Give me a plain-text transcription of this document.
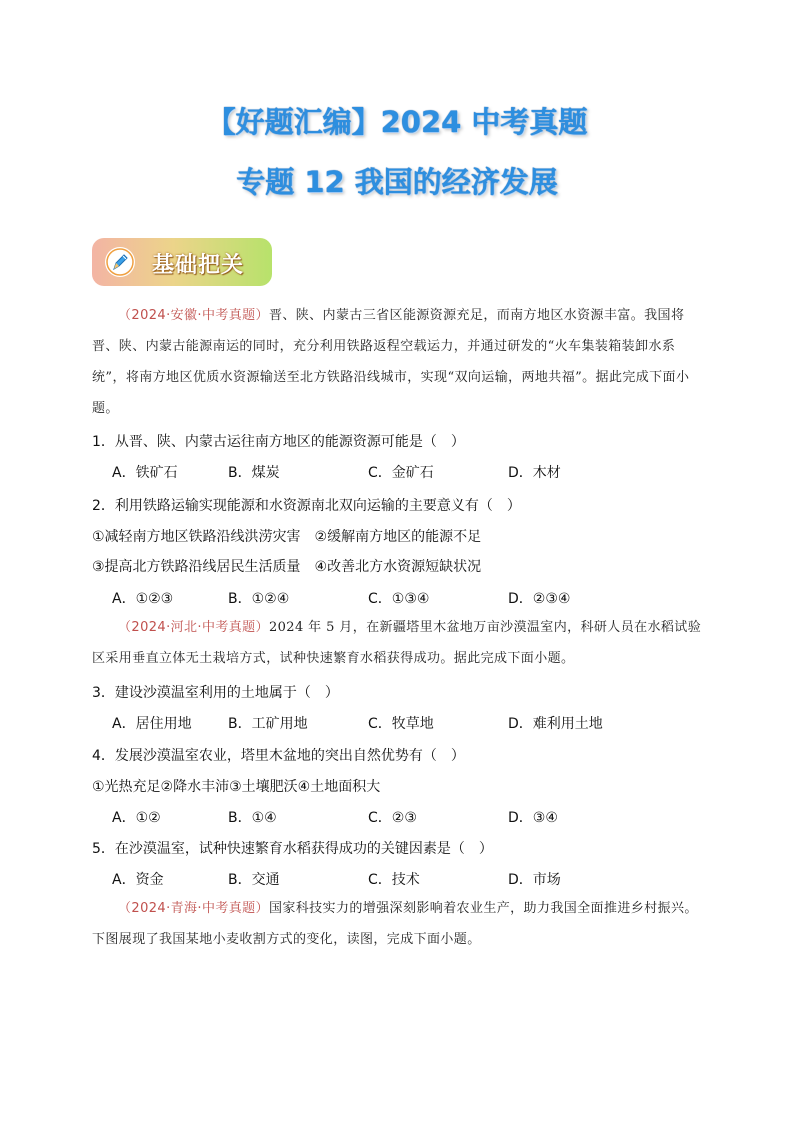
【好题汇编】2024 中考真题
专题 12 我国的经济发展
基础把关

（2024·安徽·中考真题）晋、陕、内蒙古三省区能源资源充足，而南方地区水资源丰富。我国将晋、陕、内蒙古能源南运的同时，充分利用铁路返程空载运力，并通过研发的“火车集装箱装卸水系统”，将南方地区优质水资源输送至北方铁路沿线城市，实现“双向运输，两地共福”。据此完成下面小题。

1．从晋、陕、内蒙古运往南方地区的能源资源可能是（　）
A．铁矿石	B．煤炭	C．金矿石	D．木材
2．利用铁路运输实现能源和水资源南北双向运输的主要意义有（　）
①减轻南方地区铁路沿线洪涝灾害　②缓解南方地区的能源不足
③提高北方铁路沿线居民生活质量　④改善北方水资源短缺状况
A．①②③	B．①②④	C．①③④	D．②③④

（2024·河北·中考真题）2024 年 5 月，在新疆塔里木盆地万亩沙漠温室内，科研人员在水稻试验区采用垂直立体无土栽培方式，试种快速繁育水稻获得成功。据此完成下面小题。

3．建设沙漠温室利用的土地属于（　）
A．居住用地	B．工矿用地	C．牧草地	D．难利用土地
4．发展沙漠温室农业，塔里木盆地的突出自然优势有（　）
①光热充足②降水丰沛③土壤肥沃④土地面积大
A．①②	B．①④	C．②③	D．③④
5．在沙漠温室，试种快速繁育水稻获得成功的关键因素是（　）
A．资金	B．交通	C．技术	D．市场

（2024·青海·中考真题）国家科技实力的增强深刻影响着农业生产，助力我国全面推进乡村振兴。下图展现了我国某地小麦收割方式的变化，读图，完成下面小题。
